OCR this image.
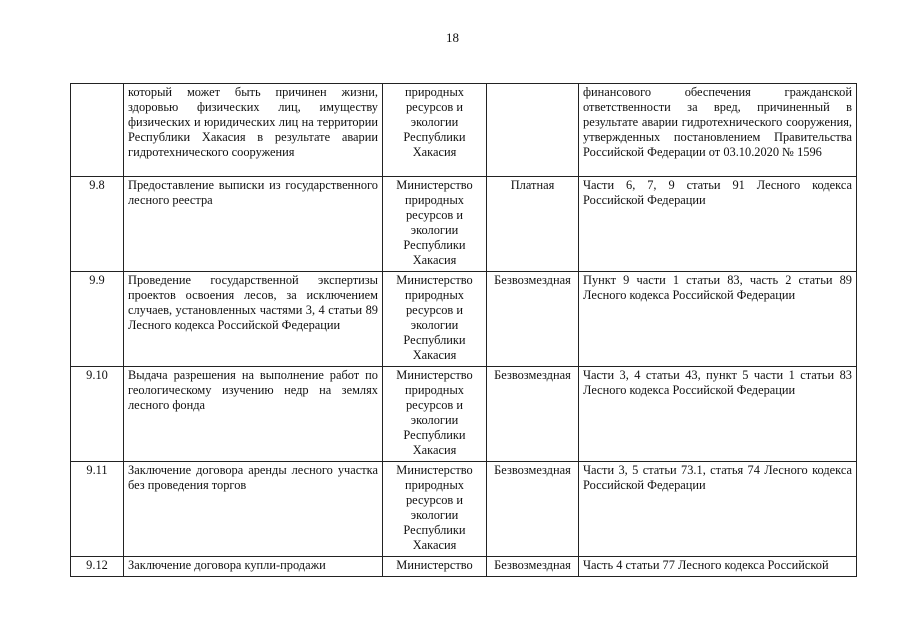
18
	который может быть причинен жизни, здоровью физических лиц, имуществу физических и юридических лиц на территории Республики Хакасия в результате аварии гидротехнического сооружения	природных ресурсов и экологии Республики Хакасия		финансового обеспечения гражданской ответственности за вред, причиненный в результате аварии гидротехнического сооружения, утвержденных постановлением Правительства Российской Федерации от 03.10.2020 № 1596
9.8	Предоставление выписки из государственного лесного реестра	Министерство природных ресурсов и экологии Республики Хакасия	Платная	Части 6, 7, 9 статьи 91 Лесного кодекса Российской Федерации
9.9	Проведение государственной экспертизы проектов освоения лесов, за исключением случаев, установленных частями 3, 4 статьи 89 Лесного кодекса Российской Федерации	Министерство природных ресурсов и экологии Республики Хакасия	Безвозмездная	Пункт 9 части 1 статьи 83, часть 2 статьи 89 Лесного кодекса Российской Федерации
9.10	Выдача разрешения на выполнение работ по геологическому изучению недр на землях лесного фонда	Министерство природных ресурсов и экологии Республики Хакасия	Безвозмездная	Части 3, 4 статьи 43, пункт 5 части 1 статьи 83 Лесного кодекса Российской Федерации
9.11	Заключение договора аренды лесного участка без проведения торгов	Министерство природных ресурсов и экологии Республики Хакасия	Безвозмездная	Части 3, 5 статьи 73.1, статья 74 Лесного кодекса Российской Федерации

9.12	Заключение договора купли-продажи	Министерство	Безвозмездная	Часть 4 статьи 77 Лесного кодекса Российской
